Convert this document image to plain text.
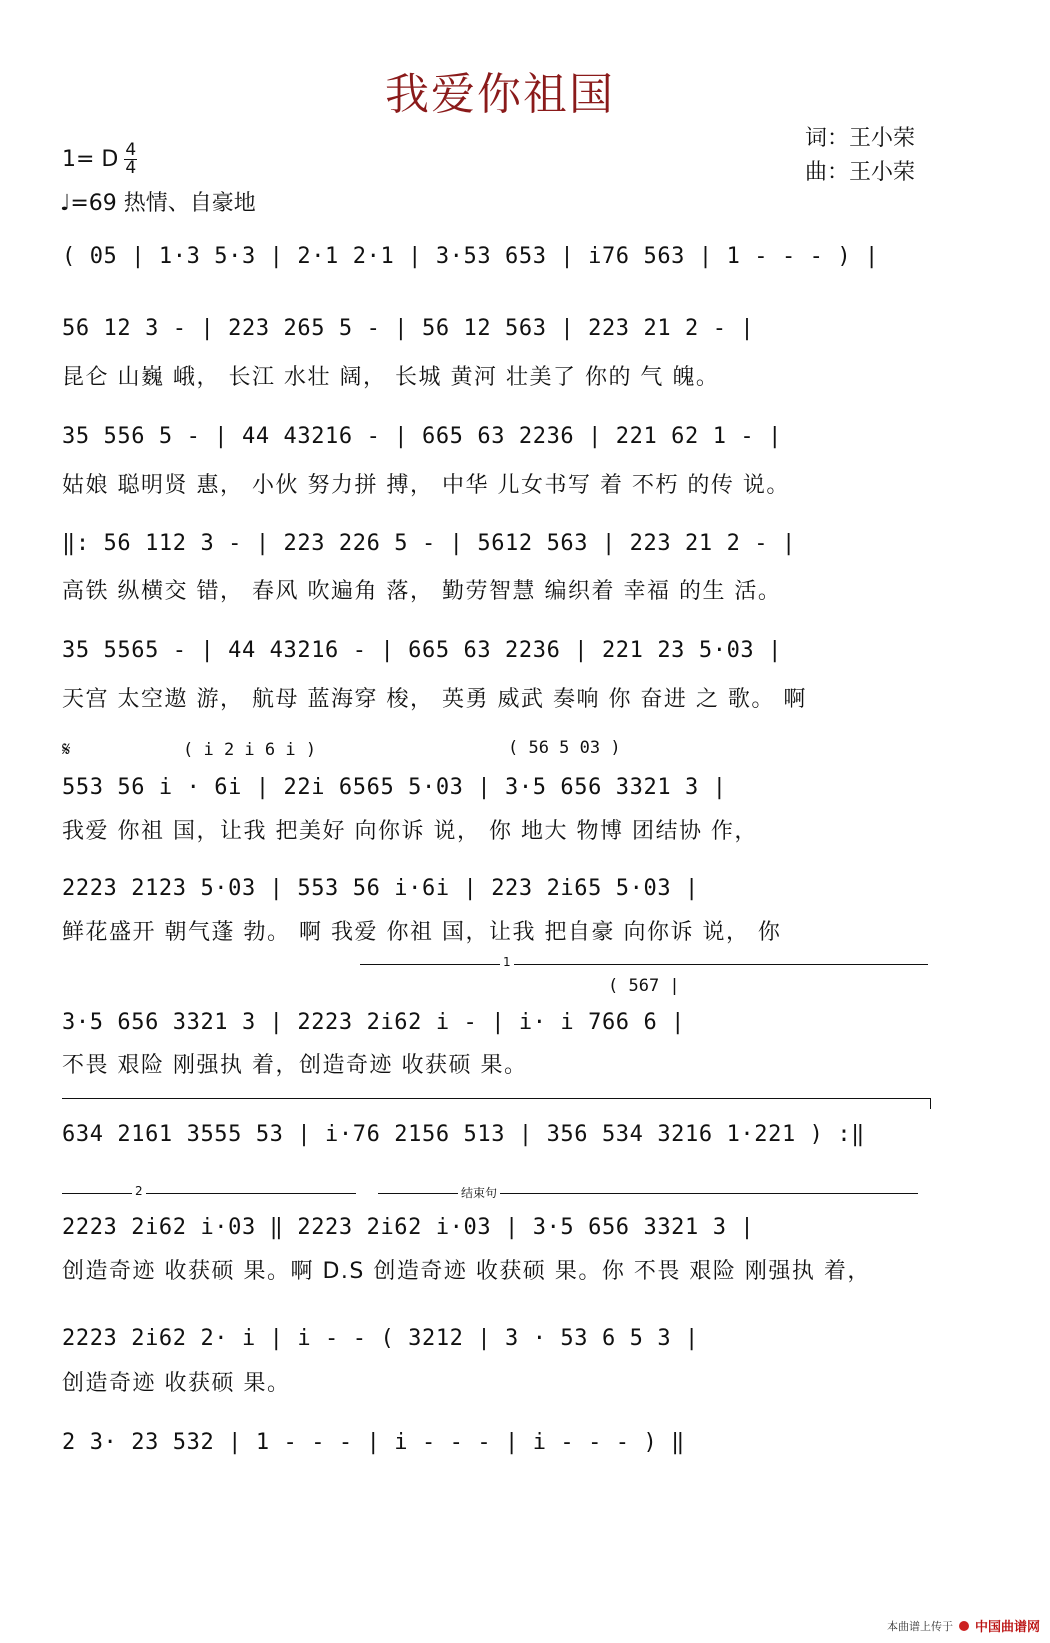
我爱你祖国
1= D $\frac{4}{4}$
♩=69 热情、自豪地
词：王小荣
曲：王小荣
( 05 | 1·3 5·3 | 2·1 2·1 | 3·53 653 | i76 563 | 1 - - - ) |
56 12 3 - | 223 265 5 - | 56 12 563 | 223 21 2 - |
昆仑 山巍 峨， 长江 水壮 阔， 长城 黄河 壮美了 你的 气 魄。
35 556 5 - | 44 43216 - | 665 63 2236 | 221 62 1 - |
姑娘 聪明贤 惠， 小伙 努力拼 搏， 中华 儿女书写 着 不朽 的传 说。
‖: 56 112 3 - | 223 226 5 - | 5612 563 | 223 21 2 - |
高铁 纵横交 错， 春风 吹遍角 落， 勤劳智慧 编织着 幸福 的生 活。
35 5565 - | 44 43216 - | 665 63 2236 | 221 23 5·03 |
天宫 太空遨 游， 航母 蓝海穿 梭， 英勇 威武 奏响 你 奋进 之 歌。 啊
𝄋	( i 2 i 6 i )	( 56 5 03 )
553 56 i · 6i | 22i 6565 5·03 | 3·5 656 3321 3 |
我爱 你祖 国，让我 把美好 向你诉 说， 你 地大 物博 团结协 作，
2223 2123 5·03 | 553 56 i·6i | 223 2i65 5·03 |
鲜花盛开 朝气蓬 勃。 啊 我爱 你祖 国，让我 把自豪 向你诉 说， 你
1
( 567 |
3·5 656 3321 3 | 2223 2i62 i - | i· i 766 6 |
不畏 艰险 刚强执 着，创造奇迹 收获硕 果。
634 2161 3555 53 | i·76 2156 513 | 356 534 3216 1·221 ) :‖
2	结束句
2223 2i62 i·03 ‖ 2223 2i62 i·03 | 3·5 656 3321 3 |
创造奇迹 收获硕 果。啊 D.S 创造奇迹 收获硕 果。你 不畏 艰险 刚强执 着，
2223 2i62 2· i | i - - ( 3212 | 3 · 53 6 5 3 |
创造奇迹 收获硕 果。
2 3· 23 532 | 1 - - - | i - - - | i - - - ) ‖
本曲谱上传于 中国曲谱网
